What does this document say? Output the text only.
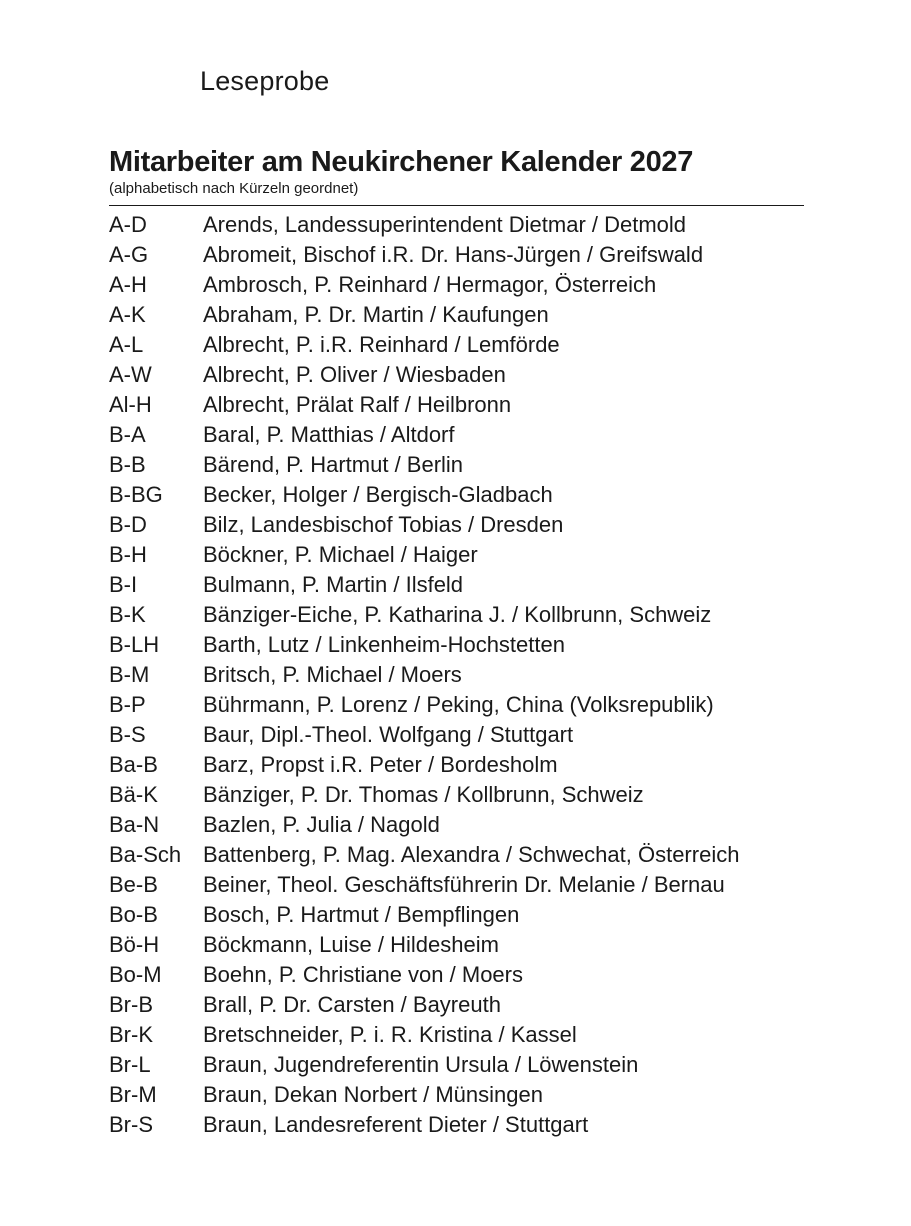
Leseprobe
Mitarbeiter am Neukirchener Kalender 2027
(alphabetisch nach Kürzeln geordnet)
A-D	Arends, Landessuperintendent Dietmar / Detmold
A-G	Abromeit, Bischof i.R. Dr. Hans-Jürgen / Greifswald
A-H	Ambrosch, P. Reinhard / Hermagor, Österreich
A-K	Abraham, P. Dr. Martin / Kaufungen
A-L	Albrecht, P. i.R. Reinhard / Lemförde
A-W	Albrecht, P. Oliver / Wiesbaden
Al-H	Albrecht, Prälat Ralf / Heilbronn
B-A	Baral, P. Matthias / Altdorf
B-B	Bärend, P. Hartmut / Berlin
B-BG	Becker, Holger / Bergisch-Gladbach
B-D	Bilz, Landesbischof Tobias / Dresden
B-H	Böckner, P. Michael / Haiger
B-I	Bulmann, P. Martin / Ilsfeld
B-K	Bänziger-Eiche, P. Katharina J. / Kollbrunn, Schweiz
B-LH	Barth, Lutz / Linkenheim-Hochstetten
B-M	Britsch, P. Michael / Moers
B-P	Bührmann, P. Lorenz / Peking, China (Volksrepublik)
B-S	Baur, Dipl.-Theol. Wolfgang / Stuttgart
Ba-B	Barz, Propst i.R. Peter / Bordesholm
Bä-K	Bänziger, P. Dr. Thomas / Kollbrunn, Schweiz
Ba-N	Bazlen, P. Julia / Nagold
Ba-Sch Battenberg, P. Mag. Alexandra / Schwechat, Österreich
Be-B	Beiner, Theol. Geschäftsführerin Dr. Melanie / Bernau
Bo-B	Bosch, P. Hartmut / Bempflingen
Bö-H	Böckmann, Luise / Hildesheim
Bo-M	Boehn, P. Christiane von / Moers
Br-B	Brall, P. Dr. Carsten / Bayreuth
Br-K	Bretschneider, P. i. R. Kristina / Kassel
Br-L	Braun, Jugendreferentin Ursula / Löwenstein
Br-M	Braun, Dekan Norbert / Münsingen
Br-S	Braun, Landesreferent Dieter / Stuttgart
